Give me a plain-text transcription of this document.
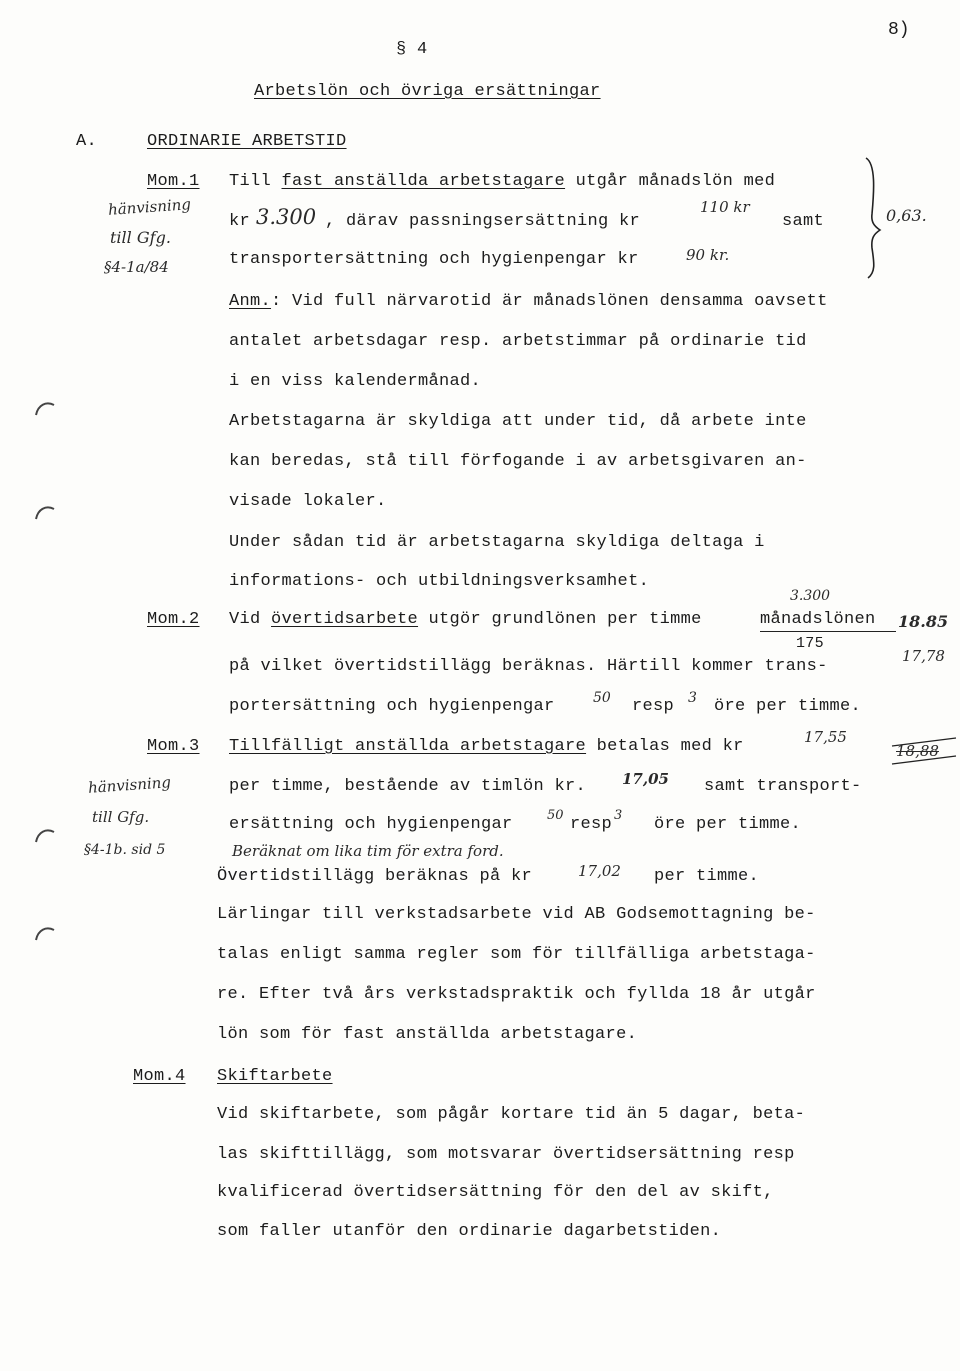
8)
§ 4
Arbetslön och övriga ersättningar
A.	ORDINARIE ARBETSTID
Mom.1 Till fast anställda arbetstagare utgår månadslön med
kr 3.300 , därav passningsersättning kr
110 kr
samt
transportersättning och hygienpengar kr	90 kr.
hänvisning
till Gfg.
§4-1a/84
0,63.
Anm.: Vid full närvarotid är månadslönen densamma oavsett
antalet arbetsdagar resp. arbetstimmar på ordinarie tid
i en viss kalendermånad.
Arbetstagarna är skyldiga att under tid, då arbete inte
kan beredas, stå till förfogande i av arbetsgivaren an-
visade lokaler.
Under sådan tid är arbetstagarna skyldiga deltaga i
informations- och utbildningsverksamhet.
Mom.2 Vid övertidsarbete utgör grundlönen per timme
3.300
månadslönen
175
18.85
på vilket övertidstillägg beräknas. Härtill kommer trans-
17,78
portersättning och hygienpengar	50 resp 3 öre per timme.
Mom.3 Tillfälligt anställda arbetstagare betalas med kr	17,55
18,88
per timme, bestående av timlön kr. 17,05 samt transport-
ersättning och hygienpengar	50 resp 3 öre per timme.
Beräknat om lika tim för extra ford.
Övertidstillägg beräknas på kr	17,02 per timme.
hänvisning
till Gfg.
§4-1b. sid 5
Lärlingar till verkstadsarbete vid AB Godsemottagning be-
talas enligt samma regler som för tillfälliga arbetstaga-
re. Efter två års verkstadspraktik och fyllda 18 år utgår
lön som för fast anställda arbetstagare.
Mom.4 Skiftarbete
Vid skiftarbete, som pågår kortare tid än 5 dagar, beta-
las skifttillägg, som motsvarar övertidsersättning resp
kvalificerad övertidsersättning för den del av skift,
som faller utanför den ordinarie dagarbetstiden.
